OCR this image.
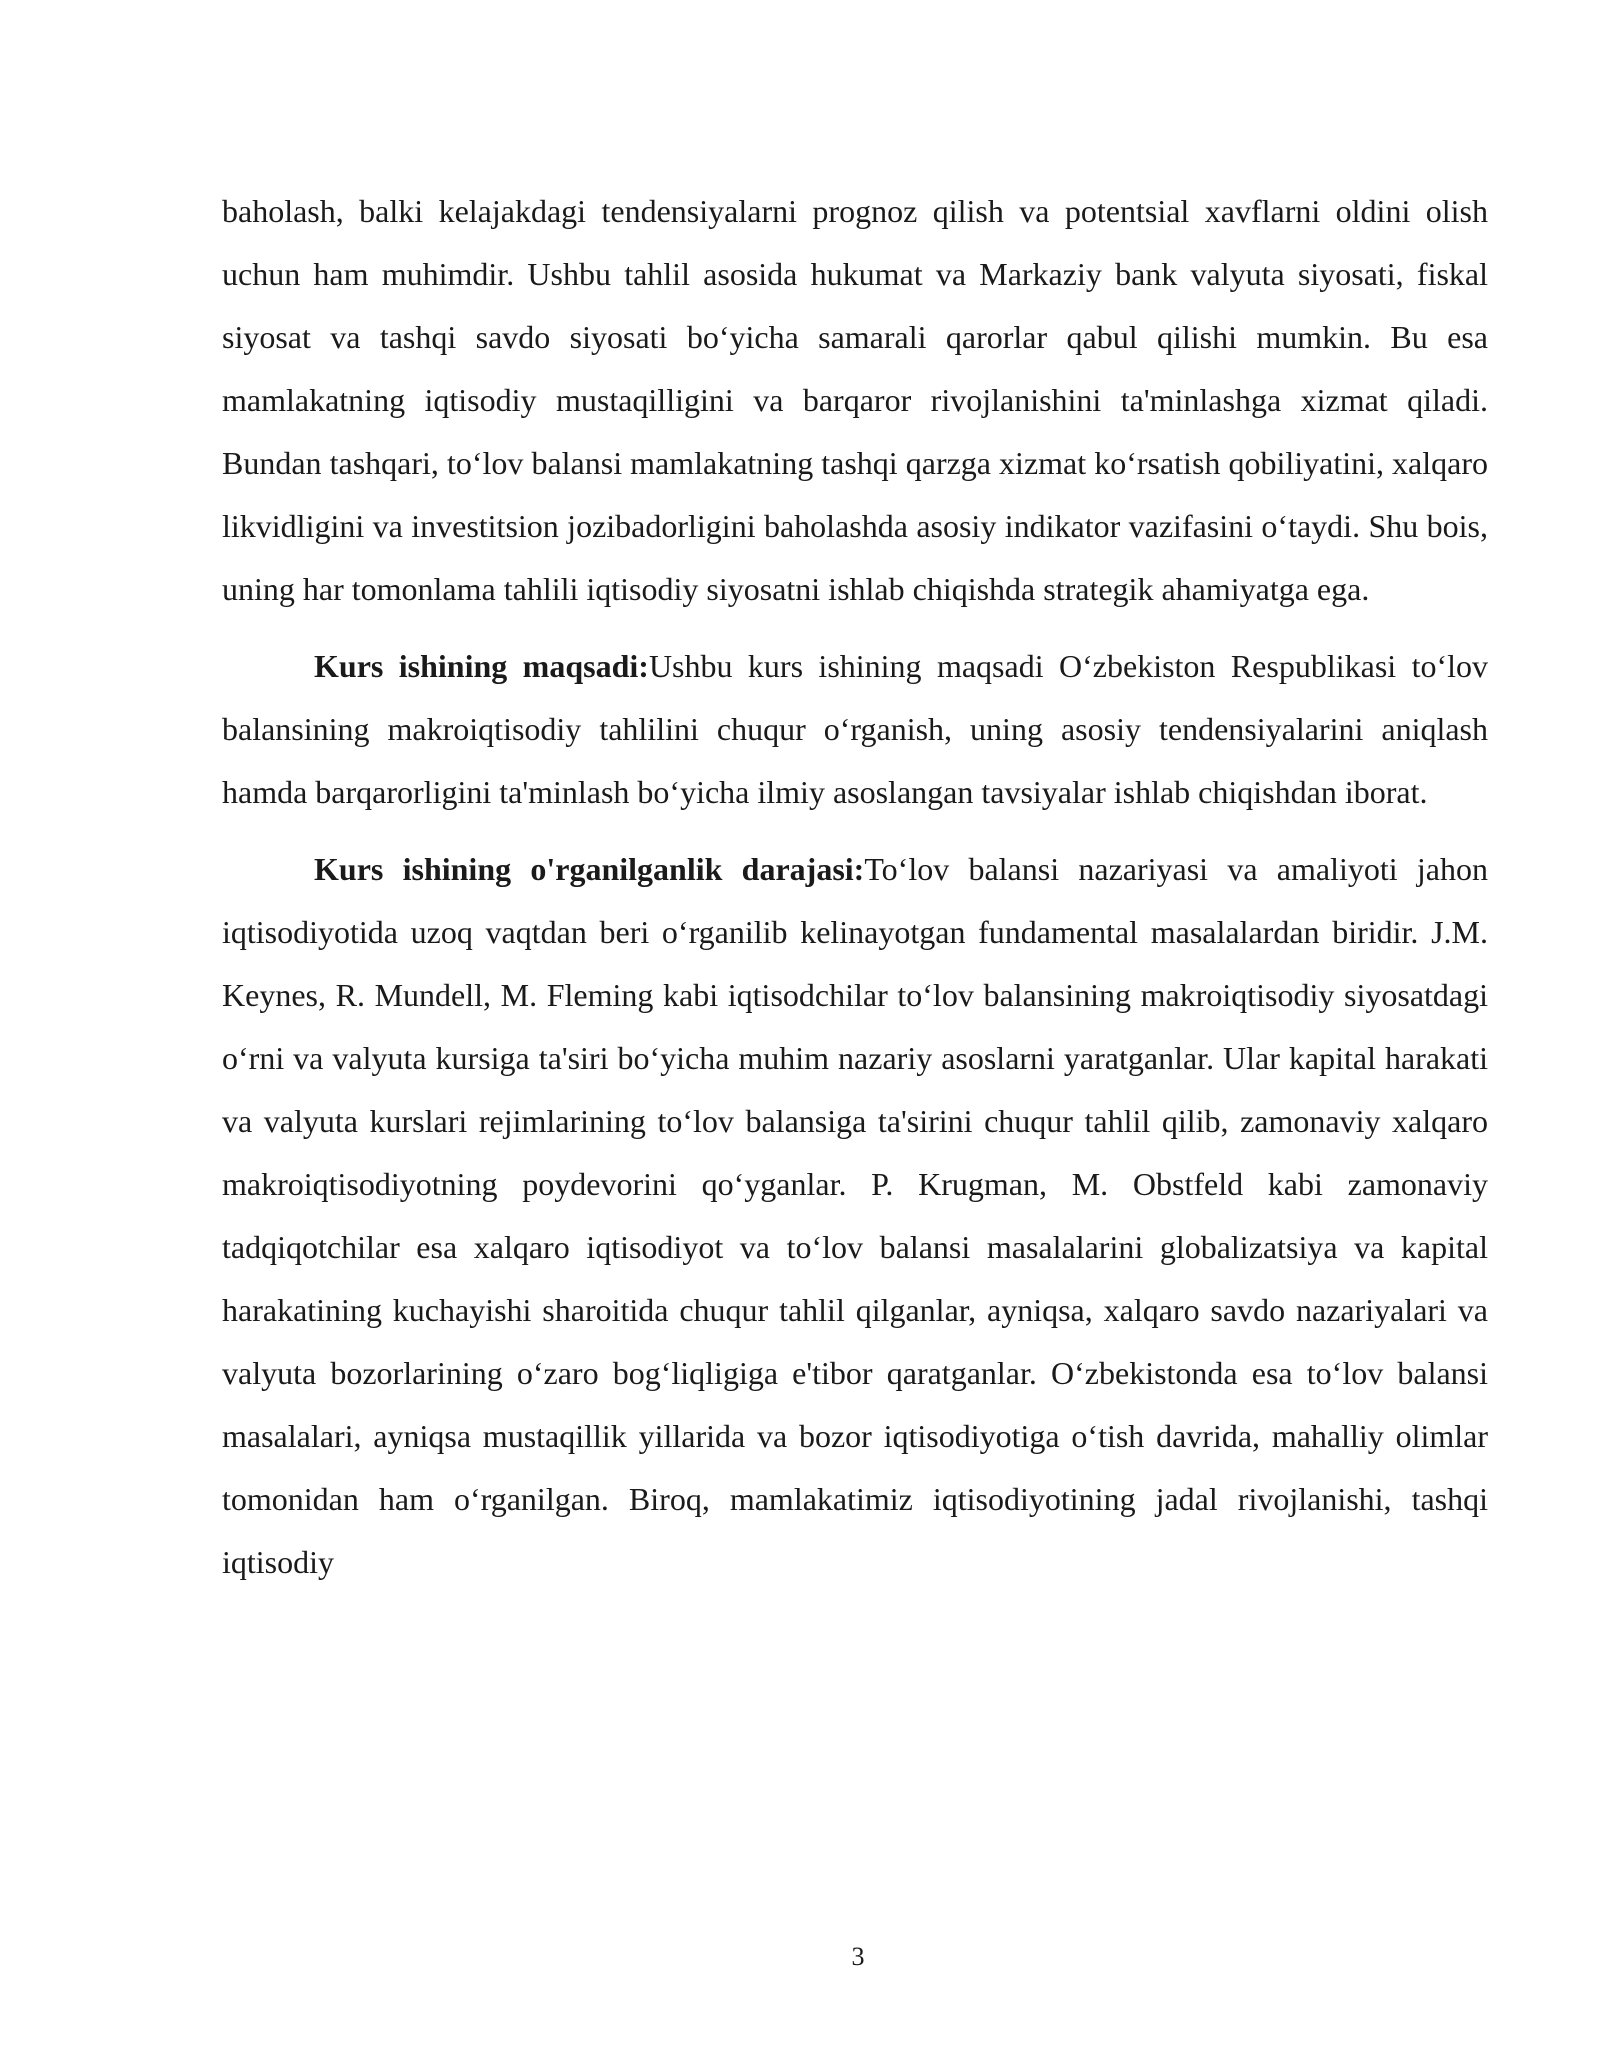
baholash, balki kelajakdagi tendensiyalarni prognoz qilish va potentsial xavflarni oldini olish uchun ham muhimdir. Ushbu tahlil asosida hukumat va Markaziy bank valyuta siyosati, fiskal siyosat va tashqi savdo siyosati bo‘yicha samarali qarorlar qabul qilishi mumkin. Bu esa mamlakatning iqtisodiy mustaqilligini va barqaror rivojlanishini ta'minlashga xizmat qiladi. Bundan tashqari, to‘lov balansi mamlakatning tashqi qarzga xizmat ko‘rsatish qobiliyatini, xalqaro likvidligini va investitsion jozibadorligini baholashda asosiy indikator vazifasini o‘taydi. Shu bois, uning har tomonlama tahlili iqtisodiy siyosatni ishlab chiqishda strategik ahamiyatga ega.

Kurs ishining maqsadi:Ushbu kurs ishining maqsadi O‘zbekiston Respublikasi to‘lov balansining makroiqtisodiy tahlilini chuqur o‘rganish, uning asosiy tendensiyalarini aniqlash hamda barqarorligini ta'minlash bo‘yicha ilmiy asoslangan tavsiyalar ishlab chiqishdan iborat.

Kurs ishining o'rganilganlik darajasi:To‘lov balansi nazariyasi va amaliyoti jahon iqtisodiyotida uzoq vaqtdan beri o‘rganilib kelinayotgan fundamental masalalardan biridir. J.M. Keynes, R. Mundell, M. Fleming kabi iqtisodchilar to‘lov balansining makroiqtisodiy siyosatdagi o‘rni va valyuta kursiga ta'siri bo‘yicha muhim nazariy asoslarni yaratganlar. Ular kapital harakati va valyuta kurslari rejimlarining to‘lov balansiga ta'sirini chuqur tahlil qilib, zamonaviy xalqaro makroiqtisodiyotning poydevorini qo‘yganlar. P. Krugman, M. Obstfeld kabi zamonaviy tadqiqotchilar esa xalqaro iqtisodiyot va to‘lov balansi masalalarini globalizatsiya va kapital harakatining kuchayishi sharoitida chuqur tahlil qilganlar, ayniqsa, xalqaro savdo nazariyalari va valyuta bozorlarining o‘zaro bog‘liqligiga e'tibor qaratganlar. O‘zbekistonda esa to‘lov balansi masalalari, ayniqsa mustaqillik yillarida va bozor iqtisodiyotiga o‘tish davrida, mahalliy olimlar tomonidan ham o‘rganilgan. Biroq, mamlakatimiz iqtisodiyotining jadal rivojlanishi, tashqi iqtisodiy

3
